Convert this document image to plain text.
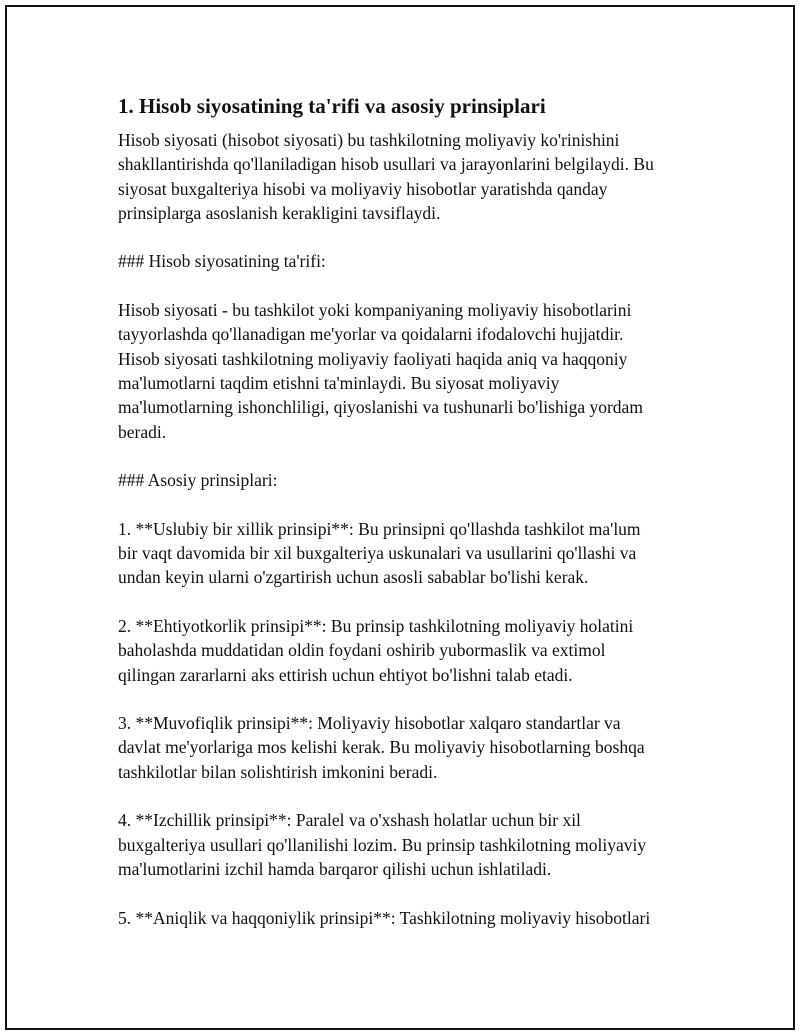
1. Hisob siyosatining ta'rifi va asosiy prinsiplari
Hisob siyosati (hisobot siyosati) bu tashkilotning moliyaviy ko'rinishini
shakllantirishda qo'llaniladigan hisob usullari va jarayonlarini belgilaydi. Bu
siyosat buxgalteriya hisobi va moliyaviy hisobotlar yaratishda qanday
prinsiplarga asoslanish kerakligini tavsiflaydi.
### Hisob siyosatining ta'rifi:
Hisob siyosati - bu tashkilot yoki kompaniyaning moliyaviy hisobotlarini
tayyorlashda qo'llanadigan me'yorlar va qoidalarni ifodalovchi hujjatdir.
Hisob siyosati tashkilotning moliyaviy faoliyati haqida aniq va haqqoniy
ma'lumotlarni taqdim etishni ta'minlaydi. Bu siyosat moliyaviy
ma'lumotlarning ishonchliligi, qiyoslanishi va tushunarli bo'lishiga yordam
beradi.
### Asosiy prinsiplari:
1. **Uslubiy bir xillik prinsipi**: Bu prinsipni qo'llashda tashkilot ma'lum
bir vaqt davomida bir xil buxgalteriya uskunalari va usullarini qo'llashi va
undan keyin ularni o'zgartirish uchun asosli sabablar bo'lishi kerak.
2. **Ehtiyotkorlik prinsipi**: Bu prinsip tashkilotning moliyaviy holatini
baholashda muddatidan oldin foydani oshirib yubormaslik va extimol
qilingan zararlarni aks ettirish uchun ehtiyot bo'lishni talab etadi.
3. **Muvofiqlik prinsipi**: Moliyaviy hisobotlar xalqaro standartlar va
davlat me'yorlariga mos kelishi kerak. Bu moliyaviy hisobotlarning boshqa
tashkilotlar bilan solishtirish imkonini beradi.
4. **Izchillik prinsipi**: Paralel va o'xshash holatlar uchun bir xil
buxgalteriya usullari qo'llanilishi lozim. Bu prinsip tashkilotning moliyaviy
ma'lumotlarini izchil hamda barqaror qilishi uchun ishlatiladi.
5. **Aniqlik va haqqoniylik prinsipi**: Tashkilotning moliyaviy hisobotlari
